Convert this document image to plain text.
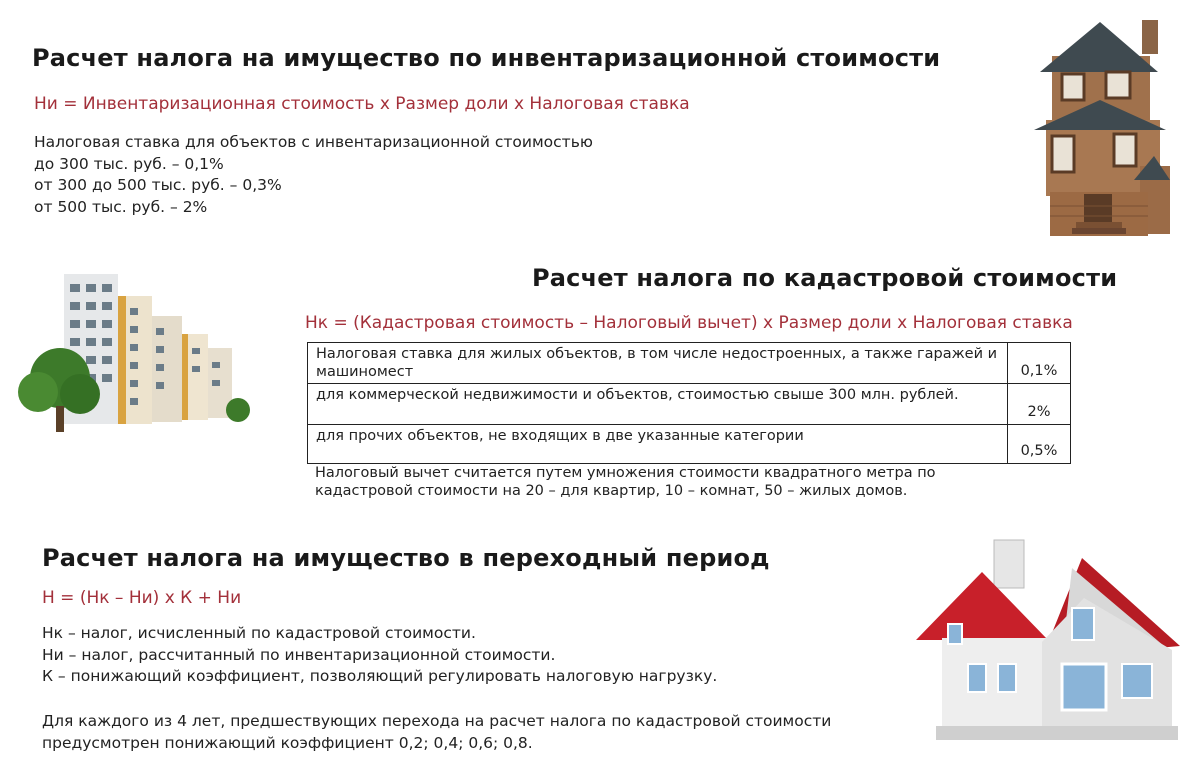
Расчет налога на имущество по инвентаризационной стоимости
Ни = Инвентаризационная стоимость х Размер доли х Налоговая ставка
Налоговая ставка для объектов с инвентаризационной стоимостью
до 300 тыс. руб. – 0,1%
от 300 до 500 тыс. руб. – 0,3%
от 500 тыс. руб. – 2%
Расчет налога по кадастровой стоимости
Нк = (Кадастровая стоимость – Налоговый вычет) х Размер доли х Налоговая ставка
Налоговая ставка для жилых объектов, в том числе недостроенных, а также гаражей и машиномест	0,1%
для коммерческой недвижимости и объектов, стоимостью свыше 300 млн. рублей.	2%
для прочих объектов, не входящих в две указанные категории	0,5%
Налоговый вычет считается путем умножения стоимости квадратного метра по кадастровой стоимости на 20 – для квартир, 10 – комнат, 50 – жилых домов.
Расчет налога на имущество в переходный период
Н = (Нк – Ни) х К + Ни
Нк – налог, исчисленный по кадастровой стоимости.
Ни – налог, рассчитанный по инвентаризационной стоимости.
К – понижающий коэффициент, позволяющий регулировать налоговую нагрузку.
Для каждого из 4 лет, предшествующих перехода на расчет налога по кадастровой стоимости
предусмотрен понижающий коэффициент 0,2; 0,4; 0,6; 0,8.
